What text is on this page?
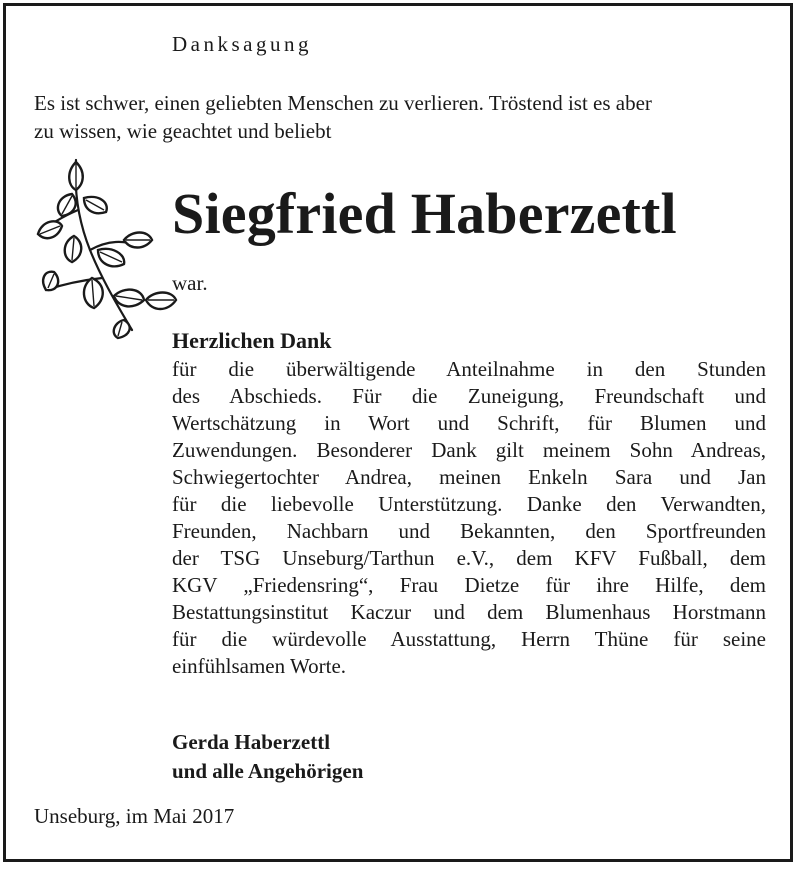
Danksagung
Es ist schwer, einen geliebten Menschen zu verlieren. Tröstend ist es aber
zu wissen, wie geachtet und beliebt
Siegfried Haberzettl
war.
Herzlichen Dank
für die überwältigende Anteilnahme in den Stunden
des Abschieds. Für die Zuneigung, Freundschaft und
Wertschätzung in Wort und Schrift, für Blumen und
Zuwendungen. Besonderer Dank gilt meinem Sohn Andreas,
Schwiegertochter Andrea, meinen Enkeln Sara und Jan
für die liebevolle Unterstützung. Danke den Verwandten,
Freunden, Nachbarn und Bekannten, den Sportfreunden
der TSG Unseburg/Tarthun e.V., dem KFV Fußball, dem
KGV „Friedensring“, Frau Dietze für ihre Hilfe, dem
Bestattungsinstitut Kaczur und dem Blumenhaus Horstmann
für die würdevolle Ausstattung, Herrn Thüne für seine
einfühlsamen Worte.
Gerda Haberzettl
und alle Angehörigen
Unseburg, im Mai 2017
